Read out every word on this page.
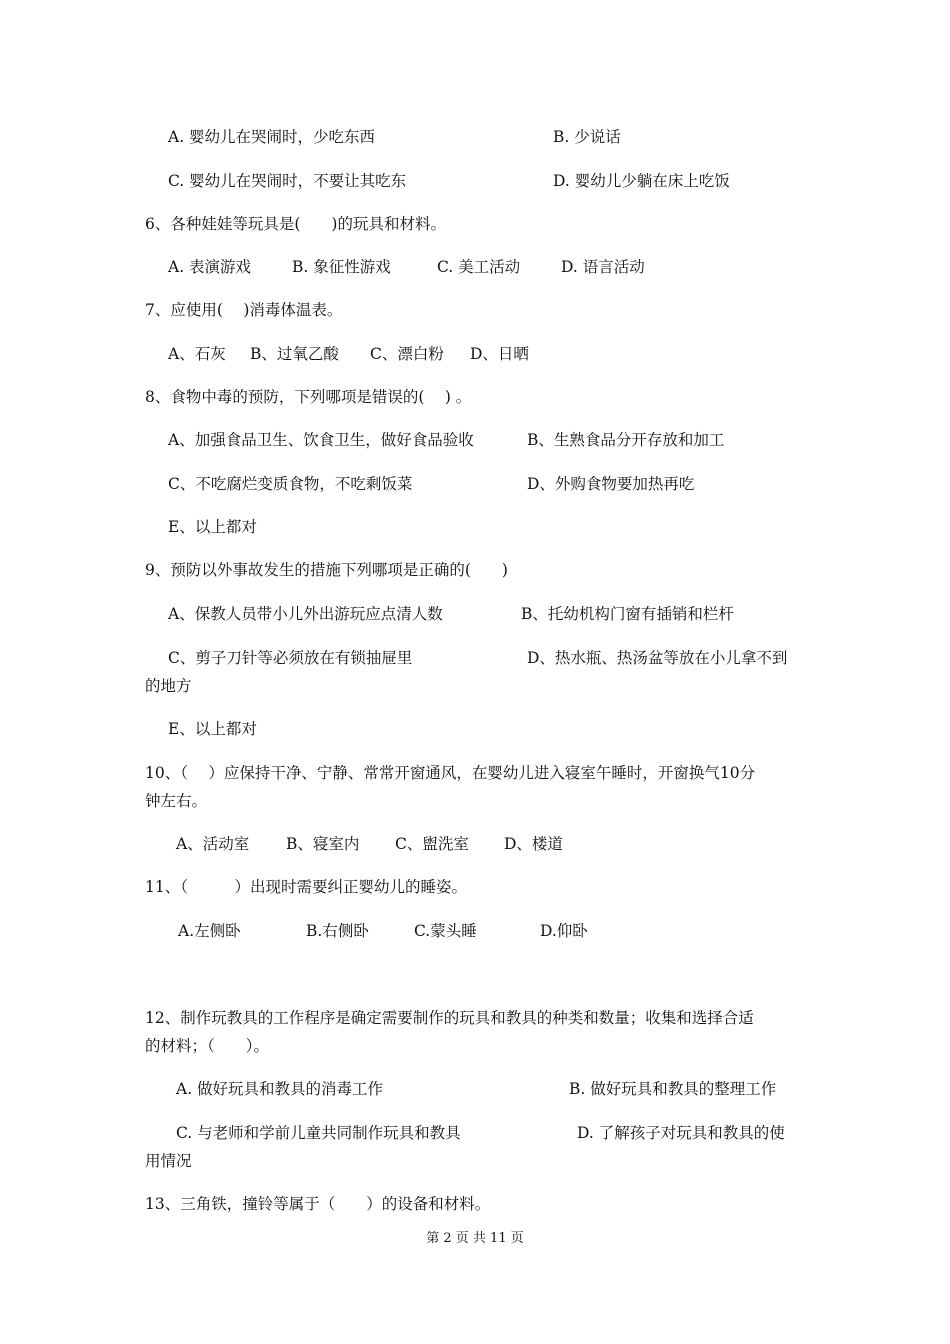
A. 婴幼儿在哭闹时，少吃东西	B. 少说话
C. 婴幼儿在哭闹时，不要让其吃东	D. 婴幼儿少躺在床上吃饭
6、各种娃娃等玩具是(　　)的玩具和材料。
A. 表演游戏	B. 象征性游戏	C. 美工活动	D. 语言活动
7、应使用(　 )消毒体温表。
A、石灰 B、过氧乙酸 C、漂白粉 D、日晒
8、食物中毒的预防，下列哪项是错误的(　 ) 。
A、加强食品卫生、饮食卫生，做好食品验收	B、生熟食品分开存放和加工
C、不吃腐烂变质食物，不吃剩饭菜	D、外购食物要加热再吃
E、以上都对
9、预防以外事故发生的措施下列哪项是正确的(　　)
A、保教人员带小儿外出游玩应点清人数	B、托幼机构门窗有插销和栏杆
C、剪子刀针等必须放在有锁抽屉里	D、热水瓶、热汤盆等放在小儿拿不到
的地方
E、以上都对
10、（　 ）应保持干净、宁静、常常开窗通风，在婴幼儿进入寝室午睡时，开窗换气10分
钟左右。
A、活动室 B、寝室内 C、盥洗室 D、楼道
11、（　　　）出现时需要纠正婴幼儿的睡姿。
A.左侧卧	B.右侧卧	C.蒙头睡	D.仰卧
12、制作玩教具的工作程序是确定需要制作的玩具和教具的种类和数量；收集和选择合适
的材料；（　　）。
A. 做好玩具和教具的消毒工作	B. 做好玩具和教具的整理工作
C. 与老师和学前儿童共同制作玩具和教具	D. 了解孩子对玩具和教具的使
用情况
13、三角铁，撞铃等属于（　　）的设备和材料。
第 2 页 共 11 页
